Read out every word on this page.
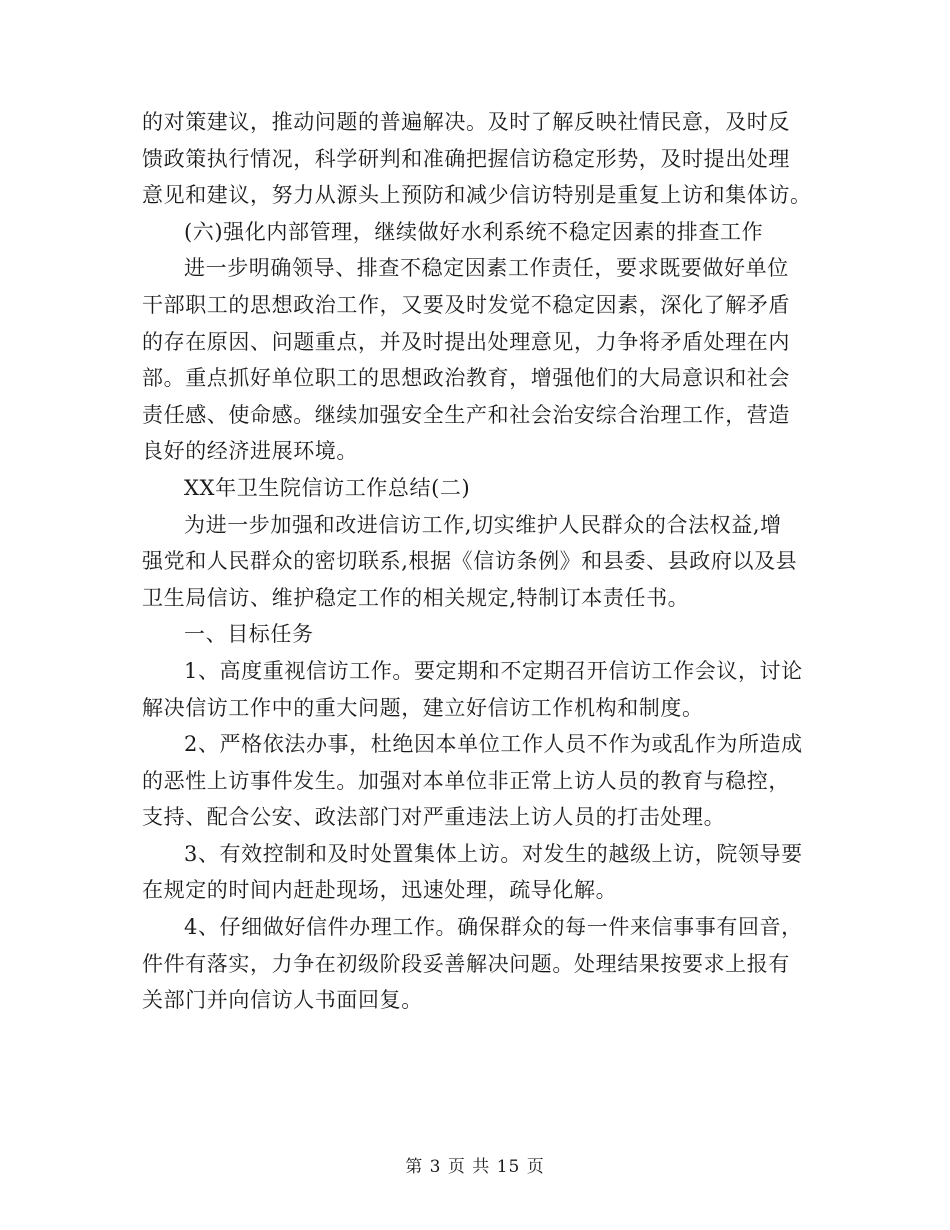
的对策建议，推动问题的普遍解决。及时了解反映社情民意，及时反
馈政策执行情况，科学研判和准确把握信访稳定形势，及时提出处理
意见和建议，努力从源头上预防和减少信访特别是重复上访和集体访。
(六)强化内部管理，继续做好水利系统不稳定因素的排查工作
进一步明确领导、排查不稳定因素工作责任，要求既要做好单位
干部职工的思想政治工作，又要及时发觉不稳定因素，深化了解矛盾
的存在原因、问题重点，并及时提出处理意见，力争将矛盾处理在内
部。重点抓好单位职工的思想政治教育，增强他们的大局意识和社会
责任感、使命感。继续加强安全生产和社会治安综合治理工作，营造
良好的经济进展环境。
XX年卫生院信访工作总结(二)
为进一步加强和改进信访工作,切实维护人民群众的合法权益,增
强党和人民群众的密切联系,根据《信访条例》和县委、县政府以及县
卫生局信访、维护稳定工作的相关规定,特制订本责任书。
一、目标任务
1、高度重视信访工作。要定期和不定期召开信访工作会议，讨论
解决信访工作中的重大问题，建立好信访工作机构和制度。
2、严格依法办事，杜绝因本单位工作人员不作为或乱作为所造成
的恶性上访事件发生。加强对本单位非正常上访人员的教育与稳控，
支持、配合公安、政法部门对严重违法上访人员的打击处理。
3、有效控制和及时处置集体上访。对发生的越级上访，院领导要
在规定的时间内赶赴现场，迅速处理，疏导化解。
4、仔细做好信件办理工作。确保群众的每一件来信事事有回音，
件件有落实，力争在初级阶段妥善解决问题。处理结果按要求上报有
关部门并向信访人书面回复。
第 3 页 共 15 页
